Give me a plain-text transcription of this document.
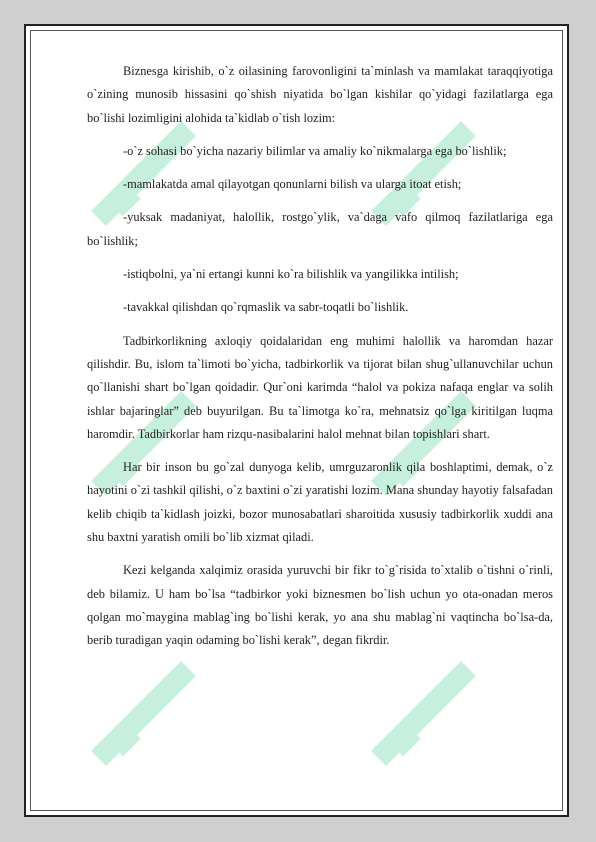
Biznesga kirishib, o`z oilasining farovonligini ta`minlash va mamlakat taraqqiyotiga o`zining munosib hissasini qo`shish niyatida bo`lgan kishilar qo`yidagi fazilatlarga ega bo`lishi lozimligini alohida ta`kidlab o`tish lozim:

-o`z sohasi bo`yicha nazariy bilimlar va amaliy ko`nikmalarga ega bo`lishlik;

-mamlakatda amal qilayotgan qonunlarni bilish va ularga itoat etish;

-yuksak madaniyat, halollik, rostgo`ylik, va`daga vafo qilmoq fazilatlariga ega bo`lishlik;

-istiqbolni, ya`ni ertangi kunni ko`ra bilishlik va yangilikka intilish;

-tavakkal qilishdan qo`rqmaslik va sabr-toqatli bo`lishlik.

Tadbirkorlikning axloqiy qoidalaridan eng muhimi halollik va haromdan hazar qilishdir. Bu, islom ta`limoti bo`yicha, tadbirkorlik va tijorat bilan shug`ullanuvchilar uchun qo`llanishi shart bo`lgan qoidadir. Qur`oni karimda “halol va pokiza nafaqa englar va solih ishlar bajaringlar” deb buyurilgan. Bu ta`limotga ko`ra, mehnatsiz qo`lga kiritilgan luqma haromdir. Tadbirkorlar ham rizqu-nasibalarini halol mehnat bilan topishlari shart.

Har bir inson bu go`zal dunyoga kelib, umrguzaronlik qila boshlaptimi, demak, o`z hayotini o`zi tashkil qilishi, o`z baxtini o`zi yaratishi lozim. Mana shunday hayotiy falsafadan kelib chiqib ta`kidlash joizki, bozor munosabatlari sharoitida xususiy tadbirkorlik xuddi ana shu baxtni yaratish omili bo`lib xizmat qiladi.

Kezi kelganda xalqimiz orasida yuruvchi bir fikr to`g`risida to`xtalib o`tishni o`rinli, deb bilamiz. U ham bo`lsa “tadbirkor yoki biznesmen bo`lish uchun yo ota-onadan meros qolgan mo`maygina mablag`ing bo`lishi kerak, yo ana shu mablag`ni vaqtincha bo`lsa-da, berib turadigan yaqin odaming bo`lishi kerak”, degan fikrdir.
